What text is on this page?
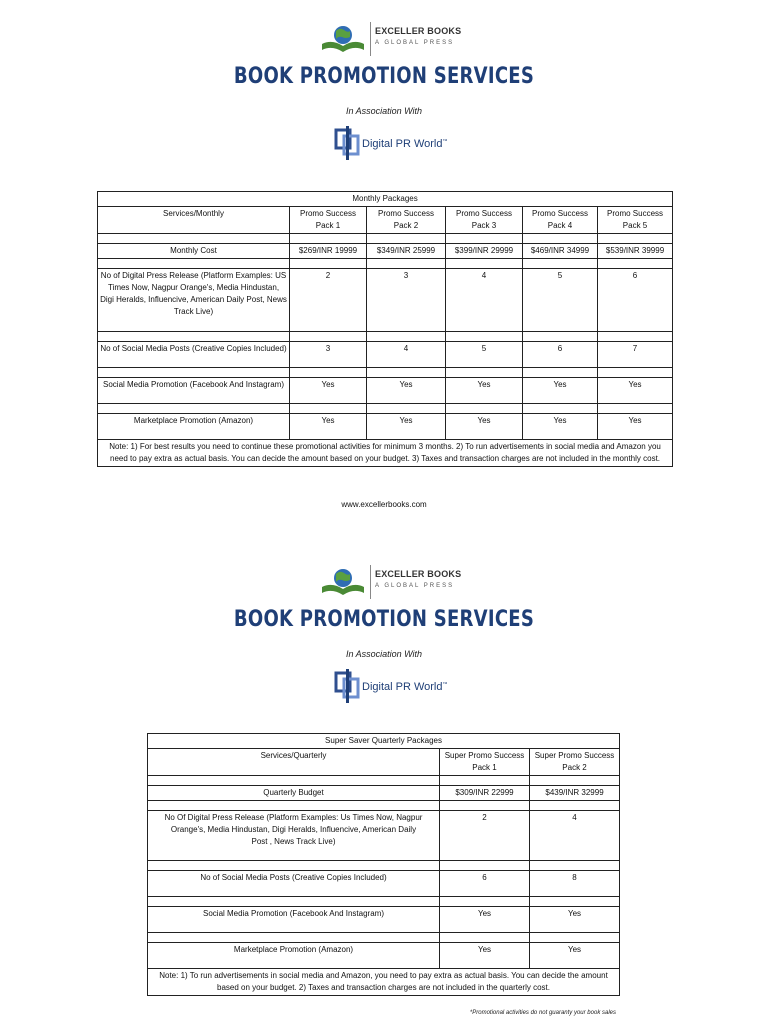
EXCELLER BOOKS
A GLOBAL PRESS
BOOK PROMOTION SERVICES
In Association With
Digital PR World™
Monthly Packages					
Services/Monthly	Promo Success Pack 1	Promo Success Pack 2	Promo Success Pack 3	Promo Success Pack 4	Promo Success Pack 5

Monthly Cost	$269/INR 19999	$349/INR 25999	$399/INR 29999	$469/INR 34999	$539/INR 39999

No of Digital Press Release (Platform Examples: US Times Now, Nagpur Orange's, Media Hindustan, Digi Heralds, Influencive, American Daily Post, News Track Live)	2	3	4	5	6

No of Social Media Posts (Creative Copies Included)	3	4	5	6	7

Social Media Promotion (Facebook And Instagram)	Yes	Yes	Yes	Yes	Yes

Marketplace Promotion (Amazon)	Yes	Yes	Yes	Yes	Yes
Note: 1) For best results you need to continue these promotional activities for minimum 3 months. 2) To run advertisements in social media and Amazon you need to pay extra as actual basis. You can decide the amount based on your budget. 3) Taxes and transaction charges are not included in the monthly cost.					
www.excellerbooks.com
EXCELLER BOOKS
A GLOBAL PRESS
BOOK PROMOTION SERVICES
In Association With
Digital PR World™
Super Saver Quarterly Packages		
Services/Quarterly	Super Promo Success Pack 1	Super Promo Success Pack 2

Quarterly Budget	$309/INR 22999	$439/INR 32999

No Of Digital Press Release (Platform Examples: Us Times Now, Nagpur Orange's, Media Hindustan, Digi Heralds, Influencive, American Daily Post , News Track Live)	2	4

No of Social Media Posts (Creative Copies Included)	6	8

Social Media Promotion (Facebook And Instagram)	Yes	Yes

Marketplace Promotion (Amazon)	Yes	Yes
Note: 1) To run advertisements in social media and Amazon, you need to pay extra as actual basis. You can decide the amount based on your budget. 2) Taxes and transaction charges are not included in the quarterly cost.		
*Promotional activities do not guaranty your book sales
